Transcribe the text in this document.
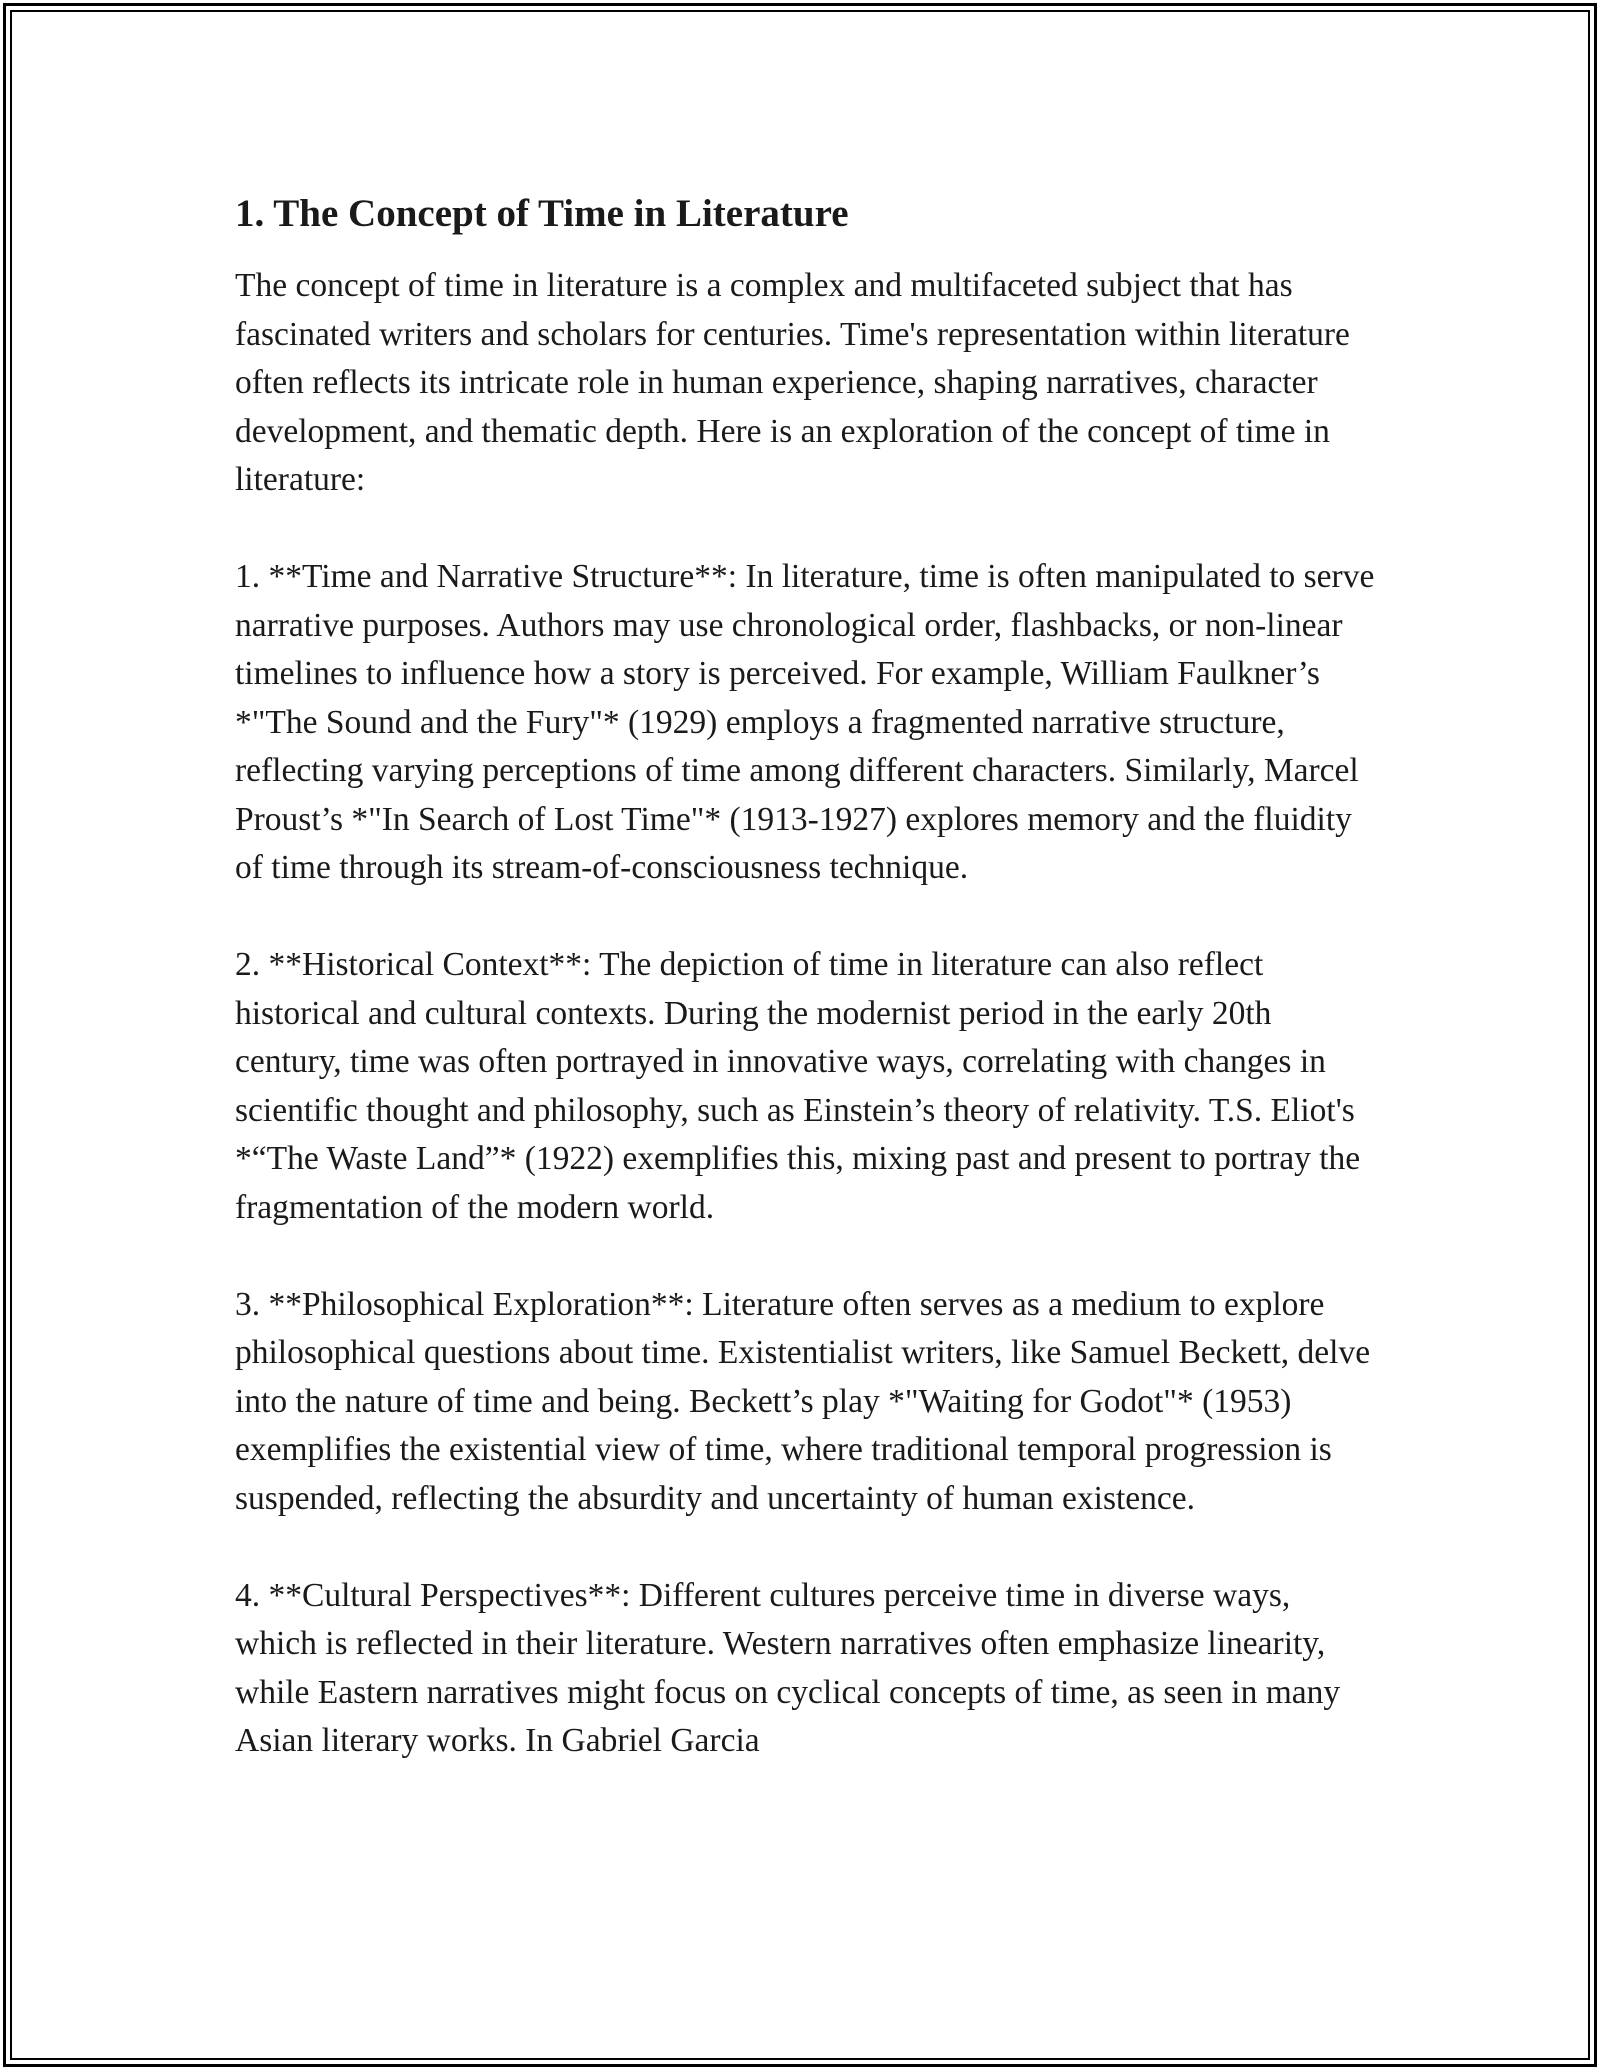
1. The Concept of Time in Literature

The concept of time in literature is a complex and multifaceted subject that has fascinated writers and scholars for centuries. Time's representation within literature often reflects its intricate role in human experience, shaping narratives, character development, and thematic depth. Here is an exploration of the concept of time in literature:

1. **Time and Narrative Structure**: In literature, time is often manipulated to serve narrative purposes. Authors may use chronological order, flashbacks, or non-linear timelines to influence how a story is perceived. For example, William Faulkner’s *"The Sound and the Fury"* (1929) employs a fragmented narrative structure, reflecting varying perceptions of time among different characters. Similarly, Marcel Proust’s *"In Search of Lost Time"* (1913-1927) explores memory and the fluidity of time through its stream-of-consciousness technique.

2. **Historical Context**: The depiction of time in literature can also reflect historical and cultural contexts. During the modernist period in the early 20th century, time was often portrayed in innovative ways, correlating with changes in scientific thought and philosophy, such as Einstein’s theory of relativity. T.S. Eliot's *“The Waste Land”* (1922) exemplifies this, mixing past and present to portray the fragmentation of the modern world.

3. **Philosophical Exploration**: Literature often serves as a medium to explore philosophical questions about time. Existentialist writers, like Samuel Beckett, delve into the nature of time and being. Beckett’s play *"Waiting for Godot"* (1953) exemplifies the existential view of time, where traditional temporal progression is suspended, reflecting the absurdity and uncertainty of human existence.

4. **Cultural Perspectives**: Different cultures perceive time in diverse ways, which is reflected in their literature. Western narratives often emphasize linearity, while Eastern narratives might focus on cyclical concepts of time, as seen in many Asian literary works. In Gabriel Garcia
